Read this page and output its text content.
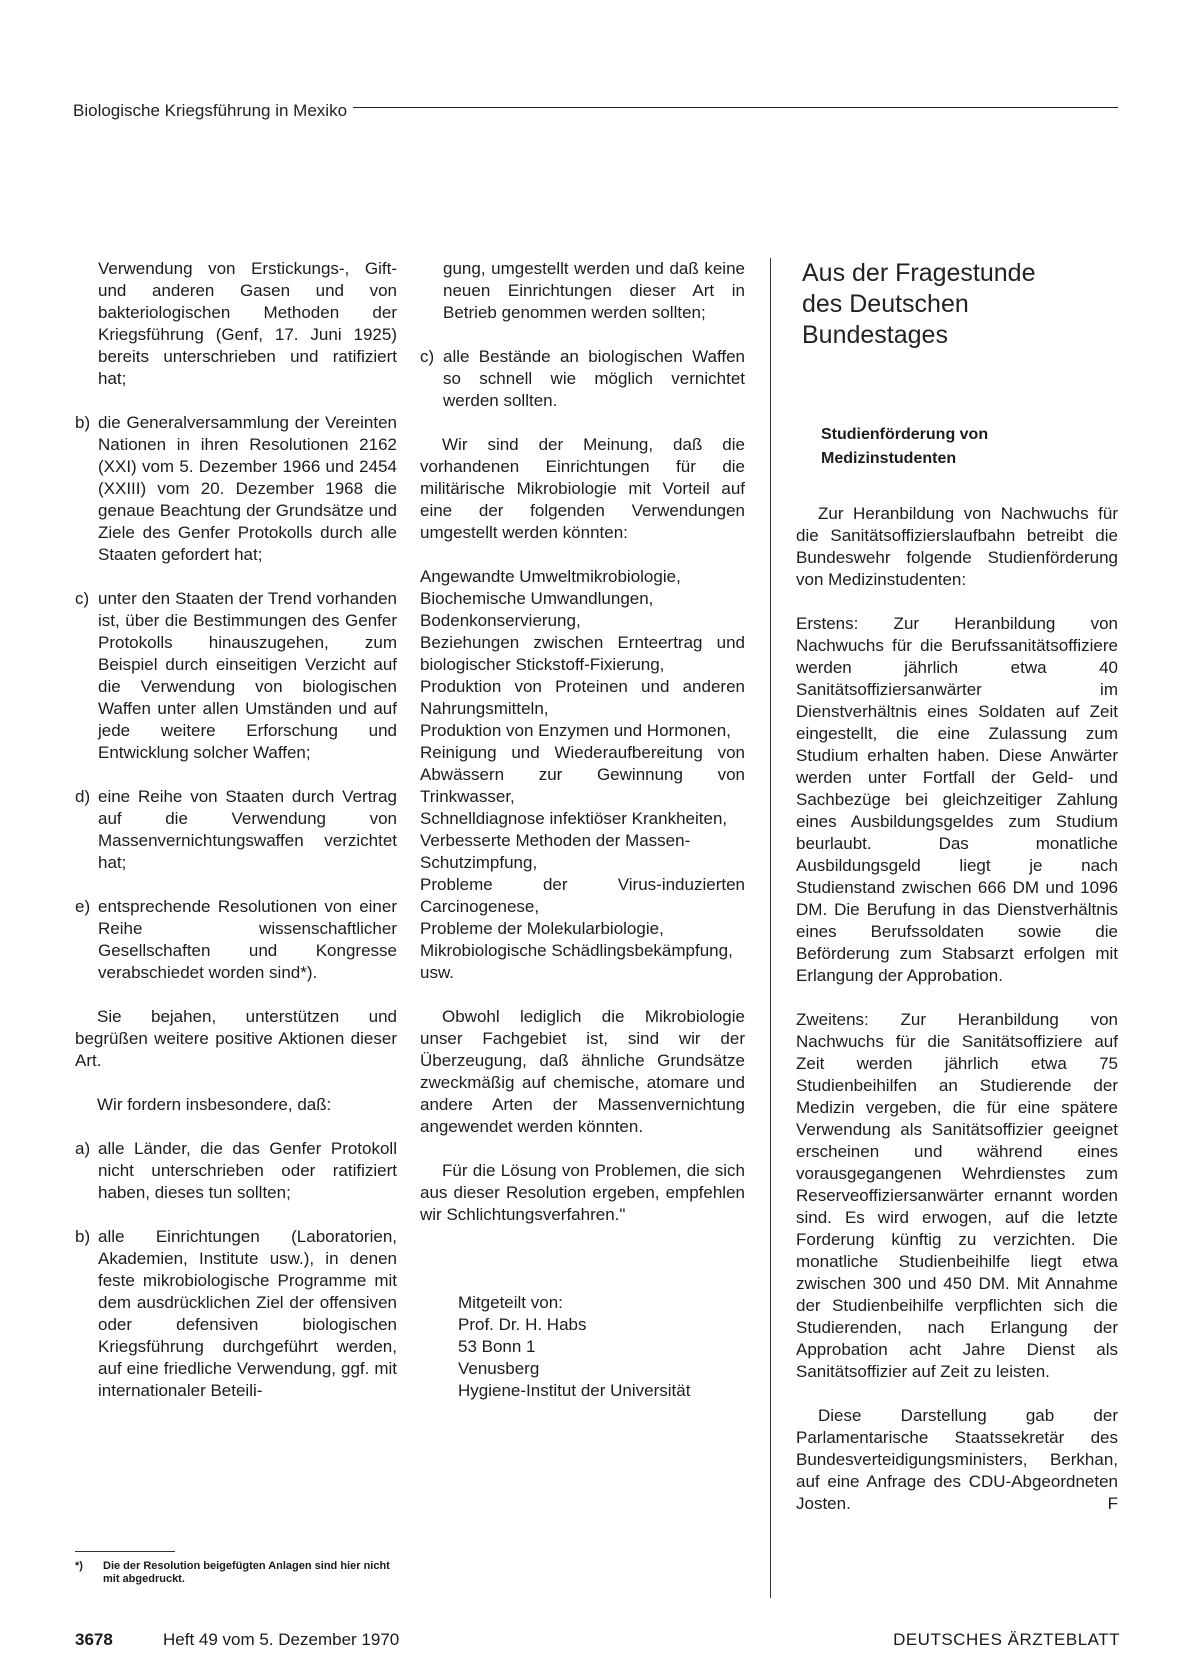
Biologische Kriegsführung in Mexiko
Verwendung von Erstickungs-, Gift- und anderen Gasen und von bakteriologischen Methoden der Kriegsführung (Genf, 17. Juni 1925) bereits unterschrieben und ratifiziert hat;
b) die Generalversammlung der Vereinten Nationen in ihren Resolutionen 2162 (XXI) vom 5. Dezember 1966 und 2454 (XXIII) vom 20. Dezember 1968 die genaue Beachtung der Grundsätze und Ziele des Genfer Protokolls durch alle Staaten gefordert hat;
c) unter den Staaten der Trend vorhanden ist, über die Bestimmungen des Genfer Protokolls hinauszugehen, zum Beispiel durch einseitigen Verzicht auf die Verwendung von biologischen Waffen unter allen Umständen und auf jede weitere Erforschung und Entwicklung solcher Waffen;
d) eine Reihe von Staaten durch Vertrag auf die Verwendung von Massenvernichtungswaffen verzichtet hat;
e) entsprechende Resolutionen von einer Reihe wissenschaftlicher Gesellschaften und Kongresse verabschiedet worden sind*).

Sie bejahen, unterstützen und begrüßen weitere positive Aktionen dieser Art.

Wir fordern insbesondere, daß:

a) alle Länder, die das Genfer Protokoll nicht unterschrieben oder ratifiziert haben, dieses tun sollten;
b) alle Einrichtungen (Laboratorien, Akademien, Institute usw.), in denen feste mikrobiologische Programme mit dem ausdrücklichen Ziel der offensiven oder defensiven biologischen Kriegsführung durchgeführt werden, auf eine friedliche Verwendung, ggf. mit internationaler Beteili-
*)	Die der Resolution beigefügten Anlagen sind hier nicht mit abgedruckt.
gung, umgestellt werden und daß keine neuen Einrichtungen dieser Art in Betrieb genommen werden sollten;
c) alle Bestände an biologischen Waffen so schnell wie möglich vernichtet werden sollten.

Wir sind der Meinung, daß die vorhandenen Einrichtungen für die militärische Mikrobiologie mit Vorteil auf eine der folgenden Verwendungen umgestellt werden könnten:

Angewandte Umweltmikrobiologie,
Biochemische Umwandlungen,
Bodenkonservierung,
Beziehungen zwischen Ernteertrag und biologischer Stickstoff-Fixierung,
Produktion von Proteinen und anderen Nahrungsmitteln,
Produktion von Enzymen und Hormonen,
Reinigung und Wiederaufbereitung von Abwässern zur Gewinnung von Trinkwasser,
Schnelldiagnose infektiöser Krankheiten,
Verbesserte Methoden der Massen-Schutzimpfung,
Probleme der Virus-induzierten Carcinogenese,
Probleme der Molekularbiologie,
Mikrobiologische Schädlingsbekämpfung,
usw.

Obwohl lediglich die Mikrobiologie unser Fachgebiet ist, sind wir der Überzeugung, daß ähnliche Grundsätze zweckmäßig auf chemische, atomare und andere Arten der Massenvernichtung angewendet werden könnten.

Für die Lösung von Problemen, die sich aus dieser Resolution ergeben, empfehlen wir Schlichtungsverfahren."

Mitgeteilt von:
Prof. Dr. H. Habs
53 Bonn 1
Venusberg
Hygiene-Institut der Universität
Aus der Fragestunde des Deutschen Bundestages
Studienförderung von Medizinstudenten

Zur Heranbildung von Nachwuchs für die Sanitätsoffizierslaufbahn betreibt die Bundeswehr folgende Studienförderung von Medizinstudenten:

Erstens: Zur Heranbildung von Nachwuchs für die Berufssanitätsoffiziere werden jährlich etwa 40 Sanitätsoffiziersanwärter im Dienstverhältnis eines Soldaten auf Zeit eingestellt, die eine Zulassung zum Studium erhalten haben. Diese Anwärter werden unter Fortfall der Geld- und Sachbezüge bei gleichzeitiger Zahlung eines Ausbildungsgeldes zum Studium beurlaubt. Das monatliche Ausbildungsgeld liegt je nach Studienstand zwischen 666 DM und 1096 DM. Die Berufung in das Dienstverhältnis eines Berufssoldaten sowie die Beförderung zum Stabsarzt erfolgen mit Erlangung der Approbation.

Zweitens: Zur Heranbildung von Nachwuchs für die Sanitätsoffiziere auf Zeit werden jährlich etwa 75 Studienbeihilfen an Studierende der Medizin vergeben, die für eine spätere Verwendung als Sanitätsoffizier geeignet erscheinen und während eines vorausgegangenen Wehrdienstes zum Reserveoffiziersanwärter ernannt worden sind. Es wird erwogen, auf die letzte Forderung künftig zu verzichten. Die monatliche Studienbeihilfe liegt etwa zwischen 300 und 450 DM. Mit Annahme der Studienbeihilfe verpflichten sich die Studierenden, nach Erlangung der Approbation acht Jahre Dienst als Sanitätsoffizier auf Zeit zu leisten.

Diese Darstellung gab der Parlamentarische Staatssekretär des Bundesverteidigungsministers, Berkhan, auf eine Anfrage des CDU-Abgeordneten Josten.	F

3678	Heft 49 vom 5. Dezember 1970	DEUTSCHES ÄRZTEBLATT
